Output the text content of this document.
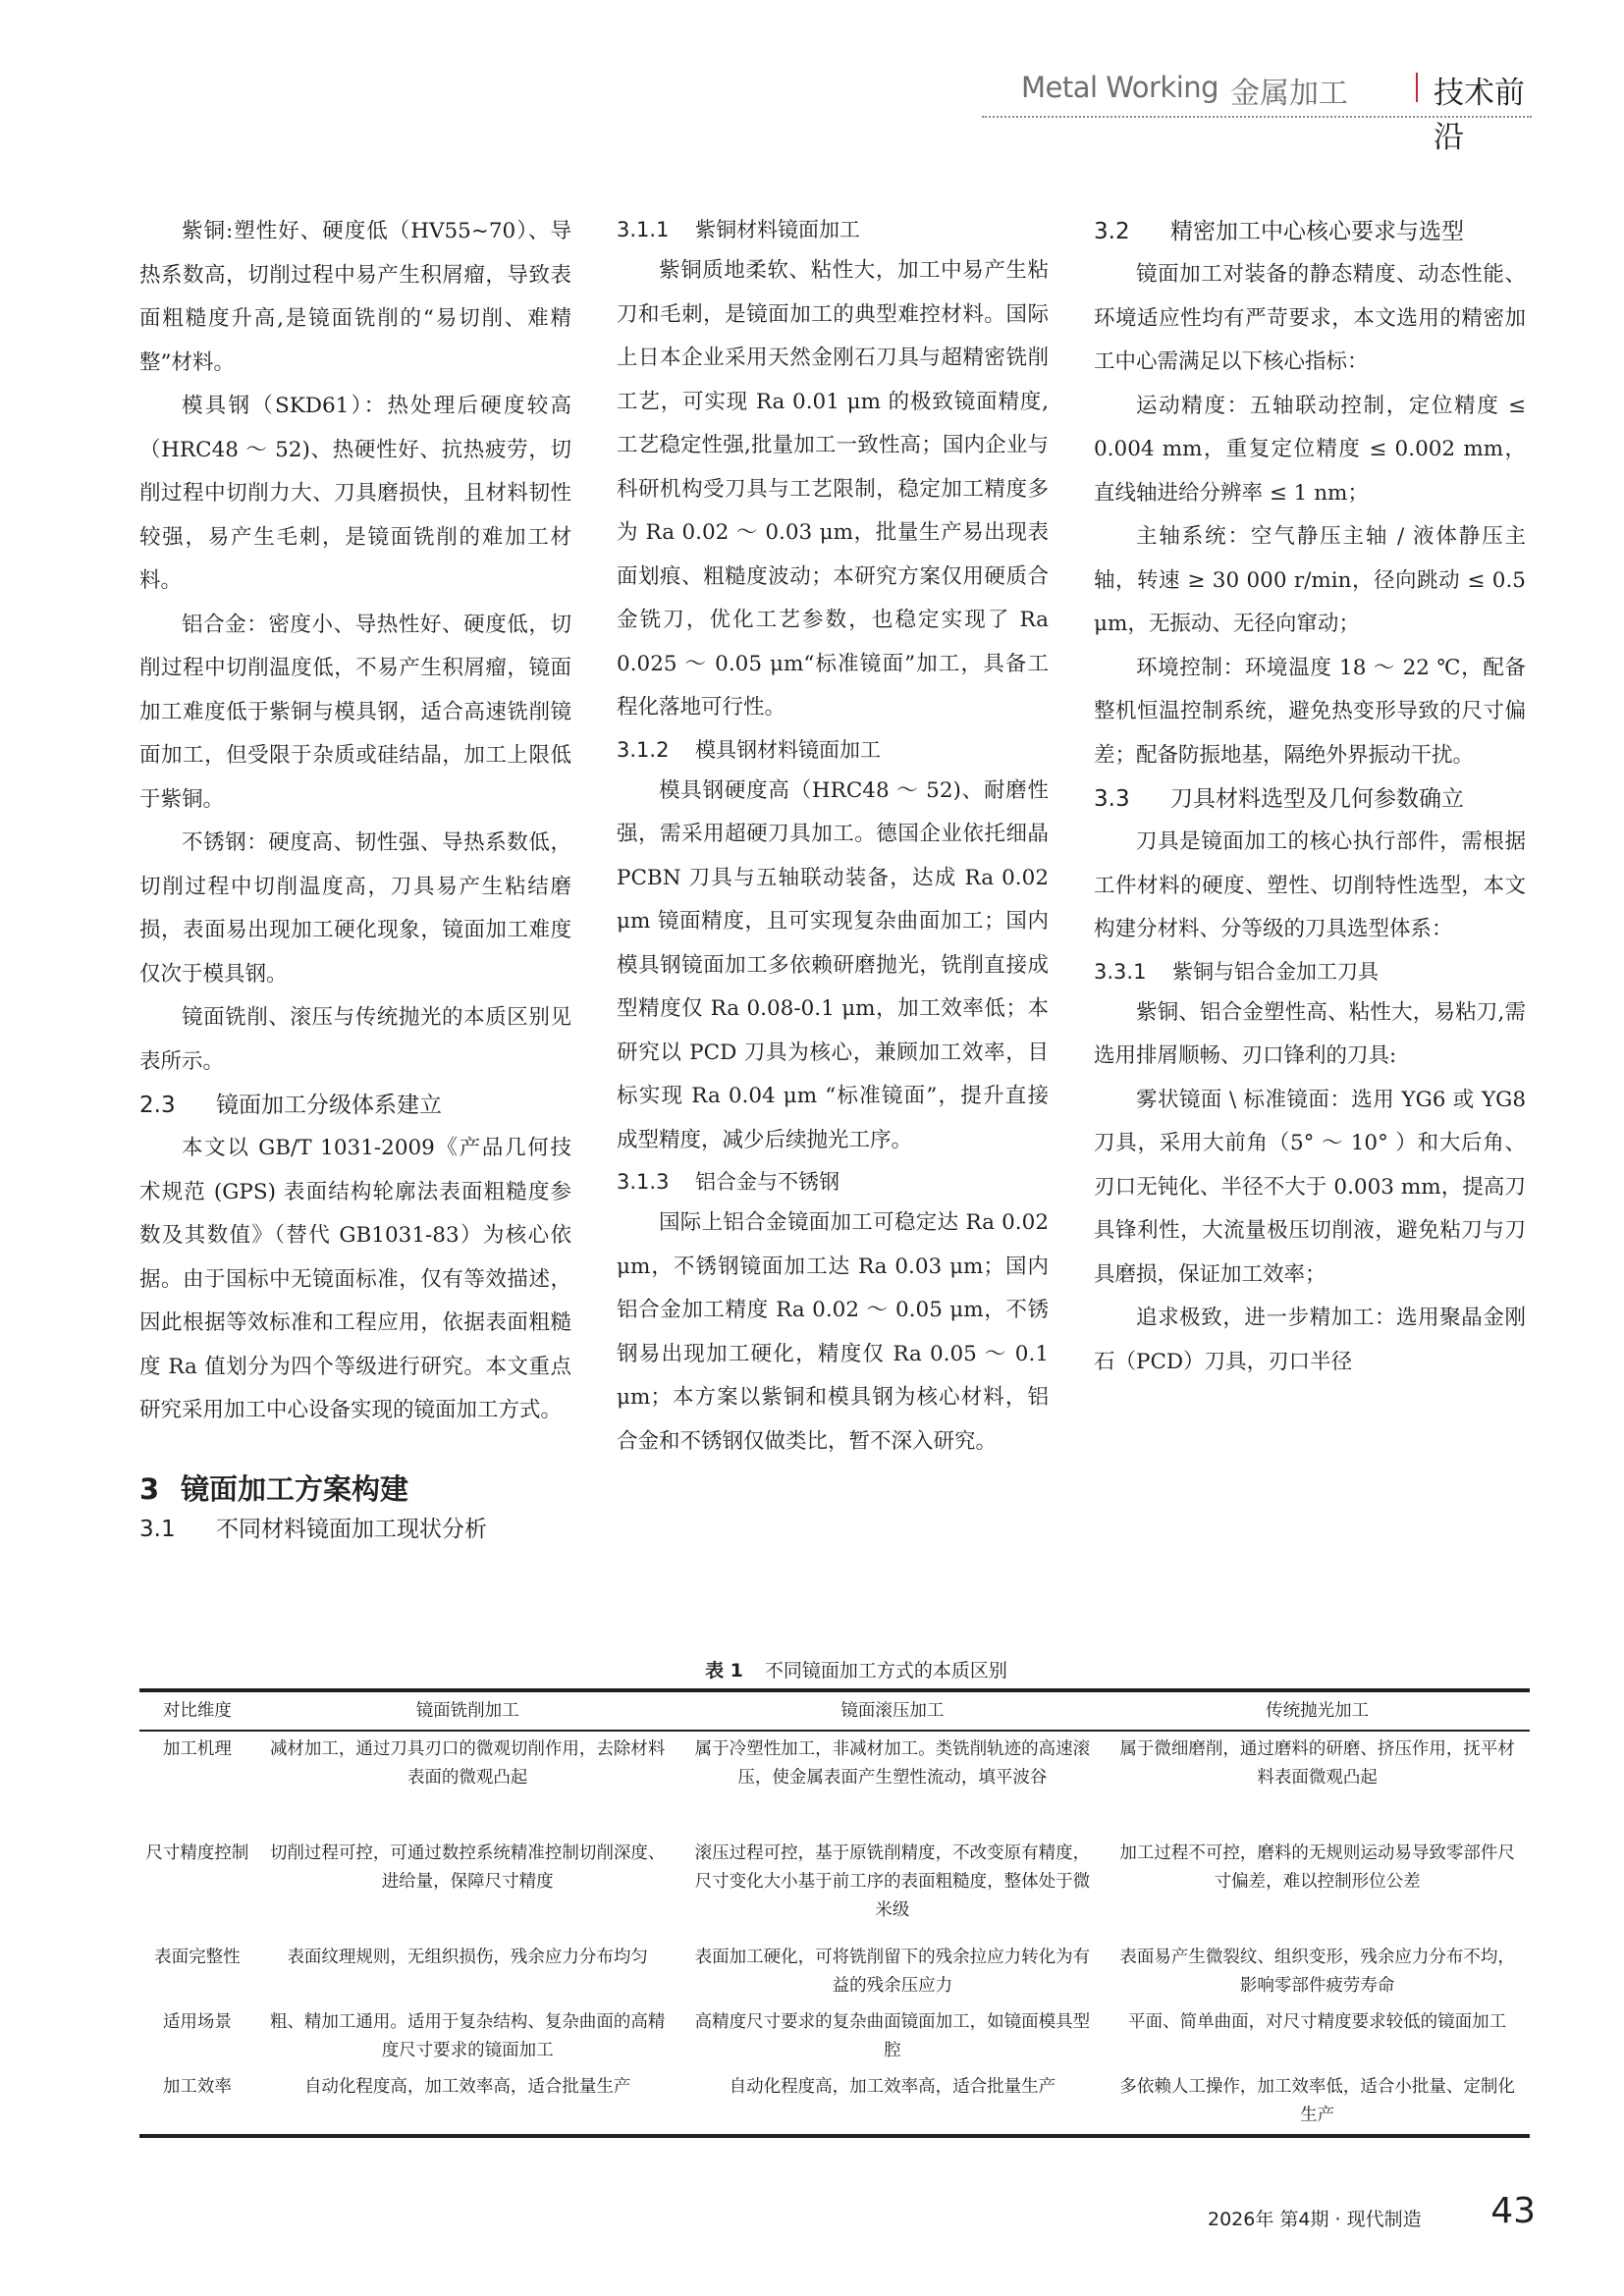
Metal Working 金属加工	技术前沿

紫铜:塑性好、硬度低（HV55~70）、导热系数高，切削过程中易产生积屑瘤，导致表面粗糙度升高,是镜面铣削的“易切削、难精整”材料。

模具钢（SKD61）：热处理后硬度较高（HRC48 ～ 52)、热硬性好、抗热疲劳，切削过程中切削力大、刀具磨损快，且材料韧性较强，易产生毛刺，是镜面铣削的难加工材料。

铝合金：密度小、导热性好、硬度低，切削过程中切削温度低，不易产生积屑瘤，镜面加工难度低于紫铜与模具钢，适合高速铣削镜面加工，但受限于杂质或硅结晶，加工上限低于紫铜。

不锈钢：硬度高、韧性强、导热系数低，切削过程中切削温度高，刀具易产生粘结磨损，表面易出现加工硬化现象，镜面加工难度仅次于模具钢。

镜面铣削、滚压与传统抛光的本质区别见表所示。

2.3 镜面加工分级体系建立

本文以 GB/T 1031-2009《产品几何技术规范 (GPS) 表面结构轮廓法表面粗糙度参数及其数值》（替代 GB1031-83）为核心依据。由于国标中无镜面标准，仅有等效描述，因此根据等效标准和工程应用，依据表面粗糙度 Ra 值划分为四个等级进行研究。本文重点研究采用加工中心设备实现的镜面加工方式。

3 镜面加工方案构建
3.1 不同材料镜面加工现状分析
3.1.1 紫铜材料镜面加工

紫铜质地柔软、粘性大，加工中易产生粘刀和毛刺，是镜面加工的典型难控材料。国际上日本企业采用天然金刚石刀具与超精密铣削工艺，可实现 Ra 0.01 μm 的极致镜面精度,工艺稳定性强,批量加工一致性高；国内企业与科研机构受刀具与工艺限制，稳定加工精度多为 Ra 0.02 ～ 0.03 μm，批量生产易出现表面划痕、粗糙度波动；本研究方案仅用硬质合金铣刀，优化工艺参数，也稳定实现了 Ra 0.025 ～ 0.05 μm“标准镜面”加工，具备工程化落地可行性。

3.1.2 模具钢材料镜面加工

模具钢硬度高（HRC48 ～ 52)、耐磨性强，需采用超硬刀具加工。德国企业依托细晶 PCBN 刀具与五轴联动装备，达成 Ra 0.02 μm 镜面精度，且可实现复杂曲面加工；国内模具钢镜面加工多依赖研磨抛光，铣削直接成型精度仅 Ra 0.08-0.1 μm，加工效率低；本研究以 PCD 刀具为核心，兼顾加工效率，目标实现 Ra 0.04 μm “标准镜面”，提升直接成型精度，减少后续抛光工序。

3.1.3 铝合金与不锈钢

国际上铝合金镜面加工可稳定达 Ra 0.02 μm，不锈钢镜面加工达 Ra 0.03 μm；国内铝合金加工精度 Ra 0.02 ～ 0.05 μm，不锈钢易出现加工硬化，精度仅 Ra 0.05 ～ 0.1 μm；本方案以紫铜和模具钢为核心材料，铝合金和不锈钢仅做类比，暂不深入研究。

3.2 精密加工中心核心要求与选型

镜面加工对装备的静态精度、动态性能、环境适应性均有严苛要求，本文选用的精密加工中心需满足以下核心指标：

运动精度：五轴联动控制，定位精度 ≤ 0.004 mm，重复定位精度 ≤ 0.002 mm，直线轴进给分辨率 ≤ 1 nm；

主轴系统：空气静压主轴 / 液体静压主轴，转速 ≥ 30 000 r/min，径向跳动 ≤ 0.5 μm，无振动、无径向窜动；

环境控制：环境温度 18 ～ 22 ℃，配备整机恒温控制系统，避免热变形导致的尺寸偏差；配备防振地基，隔绝外界振动干扰。

3.3 刀具材料选型及几何参数确立

刀具是镜面加工的核心执行部件，需根据工件材料的硬度、塑性、切削特性选型，本文构建分材料、分等级的刀具选型体系：

3.3.1 紫铜与铝合金加工刀具

紫铜、铝合金塑性高、粘性大，易粘刀,需选用排屑顺畅、刃口锋利的刀具:

雾状镜面 \ 标准镜面：选用 YG6 或 YG8 刀具，采用大前角（5° ～ 10° ）和大后角、刃口无钝化、半径不大于 0.003 mm，提高刀具锋利性，大流量极压切削液，避免粘刀与刀具磨损，保证加工效率；

追求极致，进一步精加工：选用聚晶金刚石（PCD）刀具，刃口半径

表 1 不同镜面加工方式的本质区别
对比维度	镜面铣削加工	镜面滚压加工	传统抛光加工
加工机理	减材加工，通过刀具刃口的微观切削作用，去除材料表面的微观凸起	属于冷塑性加工，非减材加工。类铣削轨迹的高速滚压，使金属表面产生塑性流动，填平波谷	属于微细磨削，通过磨料的研磨、挤压作用，抚平材料表面微观凸起
尺寸精度控制	切削过程可控，可通过数控系统精准控制切削深度、进给量，保障尺寸精度	滚压过程可控，基于原铣削精度，不改变原有精度，尺寸变化大小基于前工序的表面粗糙度，整体处于微米级	加工过程不可控，磨料的无规则运动易导致零部件尺寸偏差，难以控制形位公差
表面完整性	表面纹理规则，无组织损伤，残余应力分布均匀	表面加工硬化，可将铣削留下的残余拉应力转化为有益的残余压应力	表面易产生微裂纹、组织变形，残余应力分布不均，影响零部件疲劳寿命
适用场景	粗、精加工通用。适用于复杂结构、复杂曲面的高精度尺寸要求的镜面加工	高精度尺寸要求的复杂曲面镜面加工，如镜面模具型腔	平面、简单曲面，对尺寸精度要求较低的镜面加工
加工效率	自动化程度高，加工效率高，适合批量生产	自动化程度高，加工效率高，适合批量生产	多依赖人工操作，加工效率低，适合小批量、定制化生产
2026年 第4期 · 现代制造 43
